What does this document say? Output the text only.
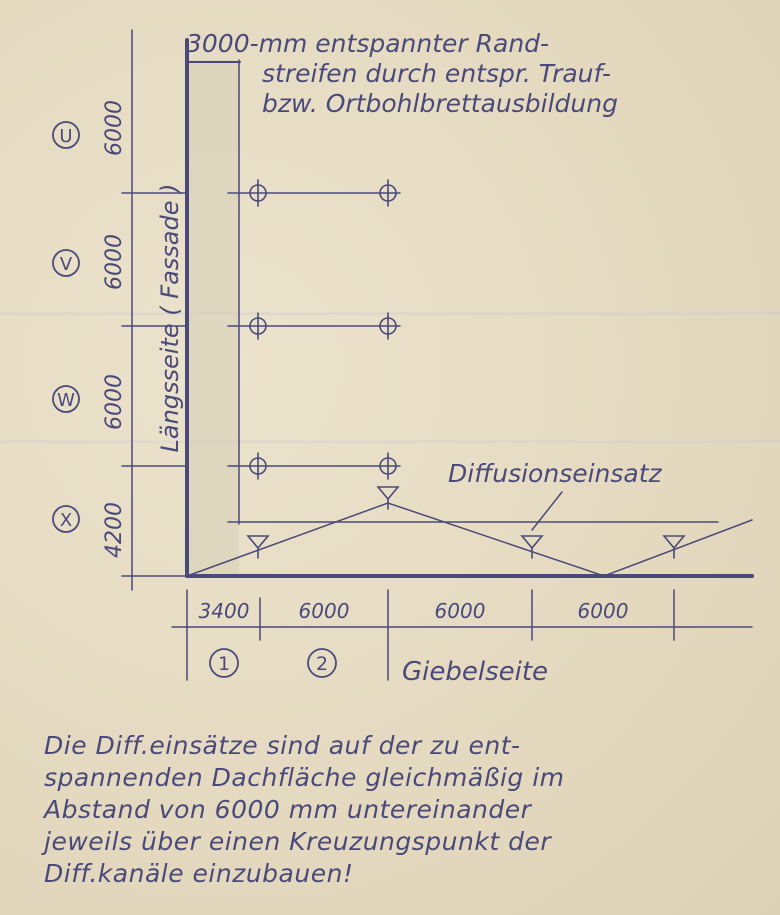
3000-mm entspannter Rand-
streifen durch entspr. Trauf-
bzw. Ortbohlbrettausbildung
6000
6000
6000
4200
U
V
W
X
Längsseite ( Fassade )
Diffusionseinsatz
3400 6000	6000	6000
1	2	Giebelseite
Die Diff.einsätze sind auf der zu ent-
spannenden Dachfläche gleichmäßig im
Abstand von 6000 mm untereinander
jeweils über einen Kreuzungspunkt der
Diff.kanäle einzubauen!
